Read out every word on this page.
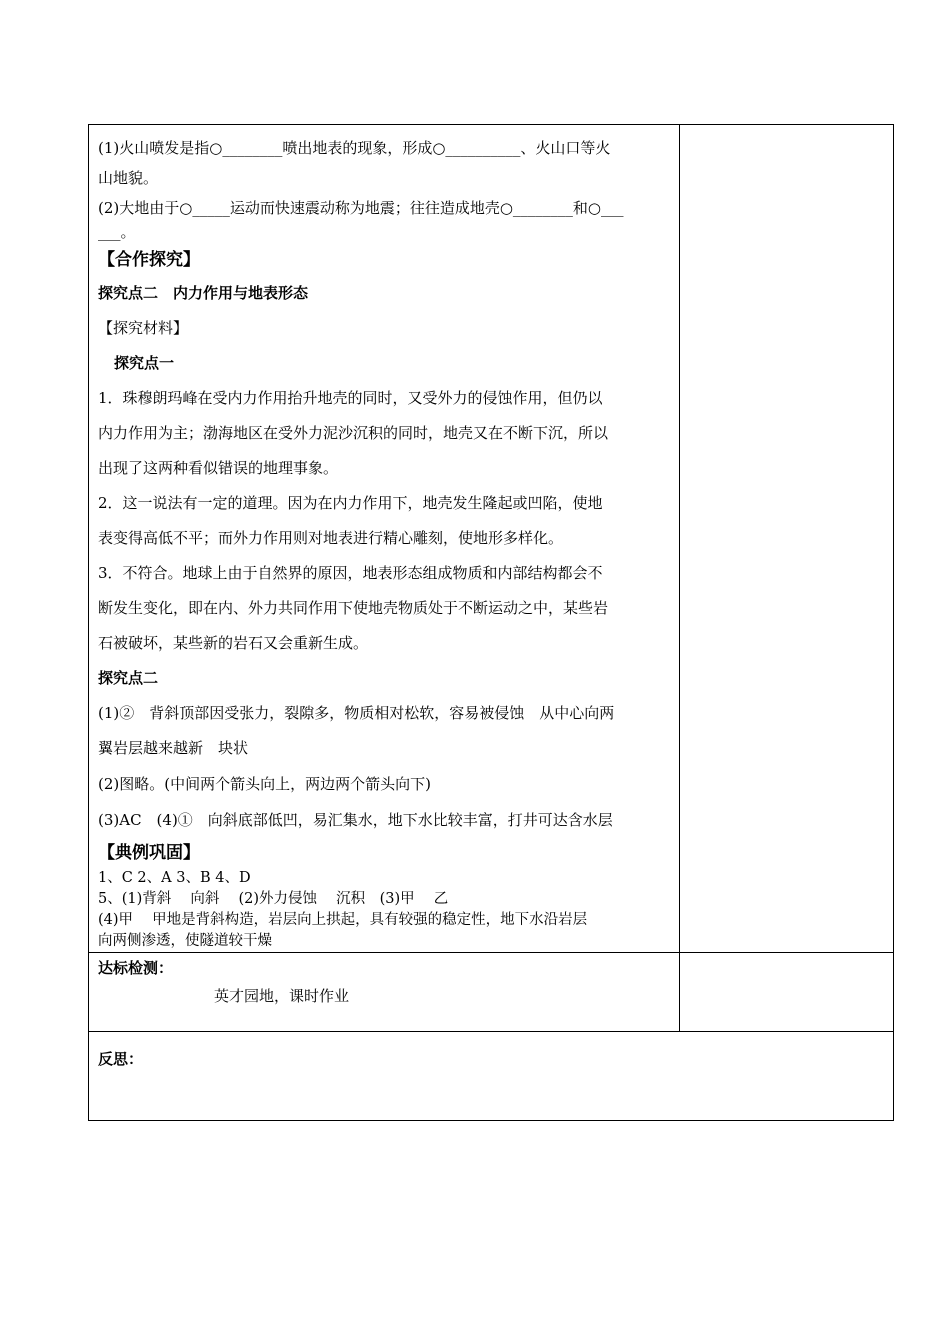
(1)火山喷发是指○________喷出地表的现象，形成○__________、火山口等火
山地貌。
(2)大地由于○_____运动而快速震动称为地震；往往造成地壳○________和○___
___。
【合作探究】
探究点二　内力作用与地表形态
【探究材料】
探究点一
1．珠穆朗玛峰在受内力作用抬升地壳的同时，又受外力的侵蚀作用，但仍以
内力作用为主；渤海地区在受外力泥沙沉积的同时，地壳又在不断下沉，所以
出现了这两种看似错误的地理事象。
2．这一说法有一定的道理。因为在内力作用下，地壳发生隆起或凹陷，使地
表变得高低不平；而外力作用则对地表进行精心雕刻，使地形多样化。
3．不符合。地球上由于自然界的原因，地表形态组成物质和内部结构都会不
断发生变化，即在内、外力共同作用下使地壳物质处于不断运动之中，某些岩
石被破坏，某些新的岩石又会重新生成。
探究点二
(1)②　背斜顶部因受张力，裂隙多，物质相对松软，容易被侵蚀　从中心向两
翼岩层越来越新　块状
(2)图略。(中间两个箭头向上，两边两个箭头向下)
(3)AC　(4)①　向斜底部低凹，易汇集水，地下水比较丰富，打井可达含水层
【典例巩固】
1、C 2、A 3、B 4、D
5、(1)背斜　 向斜　 (2)外力侵蚀　 沉积　(3)甲　 乙
(4)甲　 甲地是背斜构造，岩层向上拱起，具有较强的稳定性，地下水沿岩层
向两侧渗透，使隧道较干燥
达标检测：
英才园地，课时作业
反思：
